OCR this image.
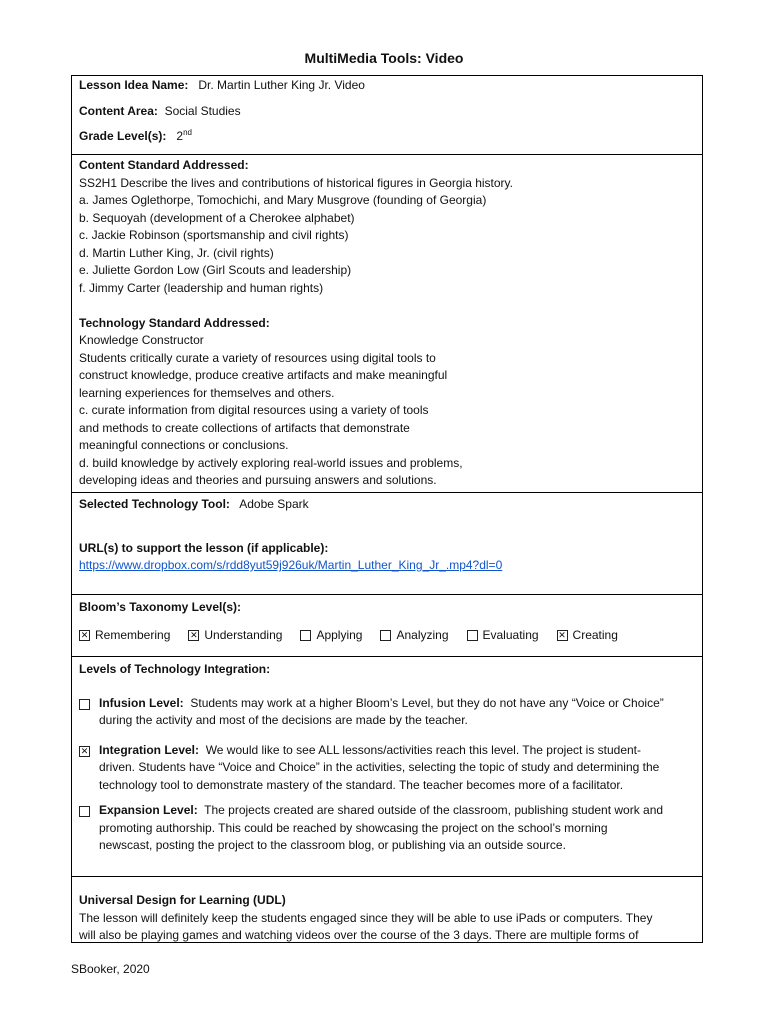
MultiMedia Tools: Video
Lesson Idea Name: Dr. Martin Luther King Jr. Video
Content Area: Social Studies
Grade Level(s): 2nd
Content Standard Addressed:
SS2H1 Describe the lives and contributions of historical figures in Georgia history.
a. James Oglethorpe, Tomochichi, and Mary Musgrove (founding of Georgia)
b. Sequoyah (development of a Cherokee alphabet)
c. Jackie Robinson (sportsmanship and civil rights)
d. Martin Luther King, Jr. (civil rights)
e. Juliette Gordon Low (Girl Scouts and leadership)
f. Jimmy Carter (leadership and human rights)
Technology Standard Addressed:
Knowledge Constructor
Students critically curate a variety of resources using digital tools to
construct knowledge, produce creative artifacts and make meaningful
learning experiences for themselves and others.
c. curate information from digital resources using a variety of tools
and methods to create collections of artifacts that demonstrate
meaningful connections or conclusions.
d. build knowledge by actively exploring real-world issues and problems,
developing ideas and theories and pursuing answers and solutions.
Selected Technology Tool: Adobe Spark
URL(s) to support the lesson (if applicable):
https://www.dropbox.com/s/rdd8yut59j926uk/Martin_Luther_King_Jr_.mp4?dl=0
Bloom’s Taxonomy Level(s):
✕ Remembering ✕ Understanding	Applying	Analyzing	Evaluating ✕ Creating
Levels of Technology Integration:
Infusion Level: Students may work at a higher Bloom’s Level, but they do not have any “Voice or Choice”
during the activity and most of the decisions are made by the teacher.
✕ Integration Level: We would like to see ALL lessons/activities reach this level. The project is student-
driven. Students have “Voice and Choice” in the activities, selecting the topic of study and determining the
technology tool to demonstrate mastery of the standard. The teacher becomes more of a facilitator.
Expansion Level: The projects created are shared outside of the classroom, publishing student work and
promoting authorship. This could be reached by showcasing the project on the school’s morning
newscast, posting the project to the classroom blog, or publishing via an outside source.
Universal Design for Learning (UDL)
The lesson will definitely keep the students engaged since they will be able to use iPads or computers. They
will also be playing games and watching videos over the course of the 3 days. There are multiple forms of
SBooker, 2020
